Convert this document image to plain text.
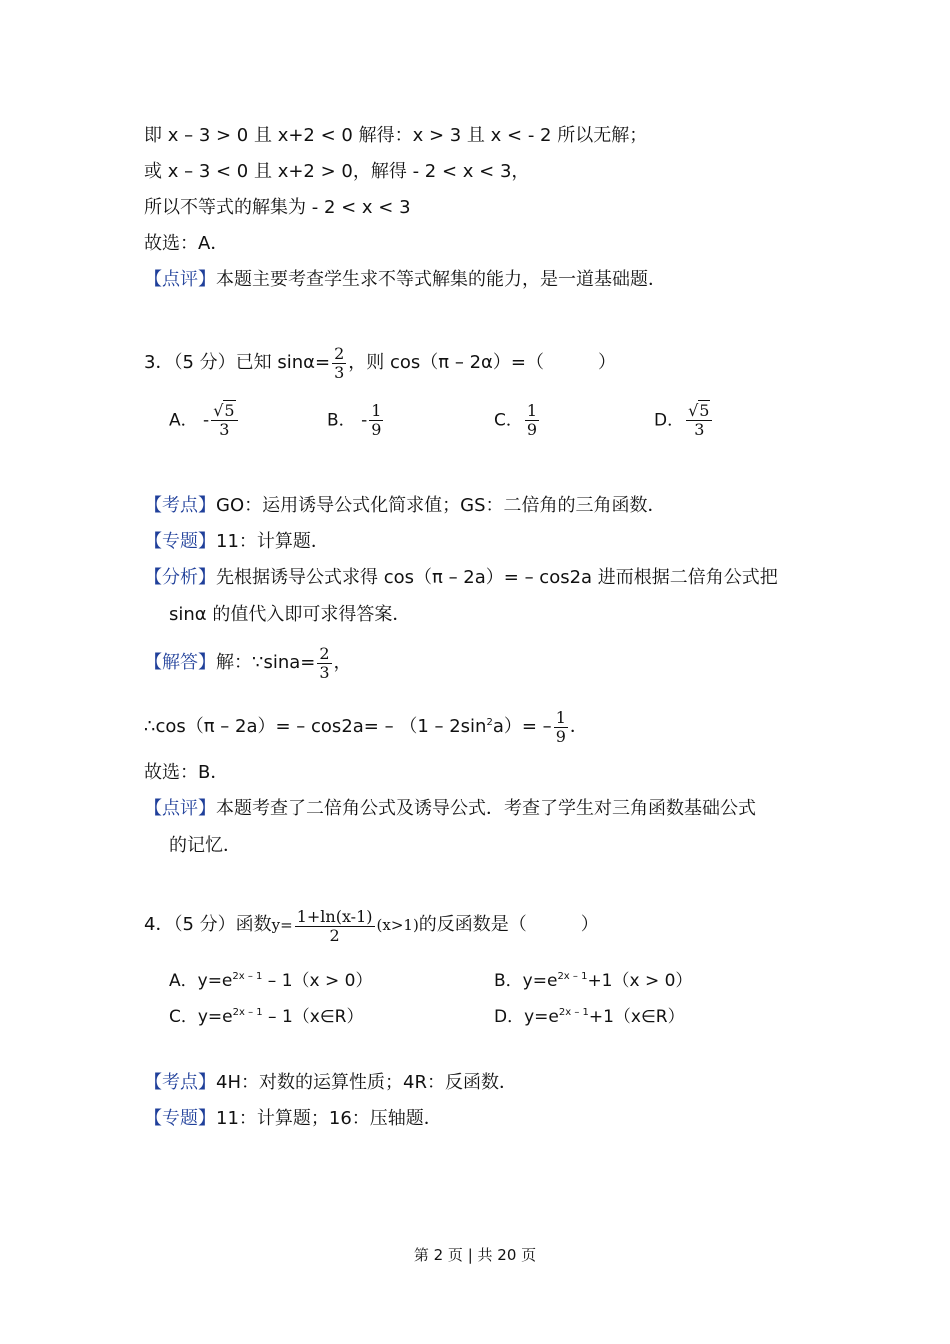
即 x – 3 > 0 且 x+2 < 0 解得：x > 3 且 x < ‐ 2 所以无解；
或 x – 3 < 0 且 x+2 > 0，解得 ‐ 2 < x < 3，
所以不等式的解集为 ‐ 2 < x < 3
故选：A．
【点评】本题主要考查学生求不等式解集的能力，是一道基础题．
3．（5 分）已知 $\sin\alpha= \frac{2}{3}$ ，则 cos（π – 2α）=（　　　）
A． ‐ $\frac{√5}{3}$	B． ‐ $\frac{1}{9}$	C． $\frac{1}{9}$	D． $\frac{√5}{3}$
【考点】GO：运用诱导公式化简求值；GS：二倍角的三角函数．
【专题】11：计算题．
【分析】先根据诱导公式求得 cos（π – 2a）= – cos2a 进而根据二倍角公式把
sinα 的值代入即可求得答案．
【解答】解：∵sina= $\frac{2}{3}$ ，
∴cos（π – $2a)= - \cos 2a= - (1 - 2\sin^2a)= - \frac{1}{9}$ ．
故选：B．
【点评】本题考查了二倍角公式及诱导公式．考查了学生对三角函数基础公式
的记忆．
4．（5 分）函数$y= \frac{1+\ln(x-1)}{2} (x>1)$的反函数是（　　　）
A．$y=e^{2x - 1} - 1(x > 0)$	B．$y=e^{2x - 1}+1(x > 0)$
C．$y=e^{2x - 1}$ – 1（x∈R）	D．$y=e^{2x - 1}+1(x\in R)$
【考点】4H：对数的运算性质；4R：反函数．
【专题】11：计算题；16：压轴题．
第 2 页 | 共 20 页
